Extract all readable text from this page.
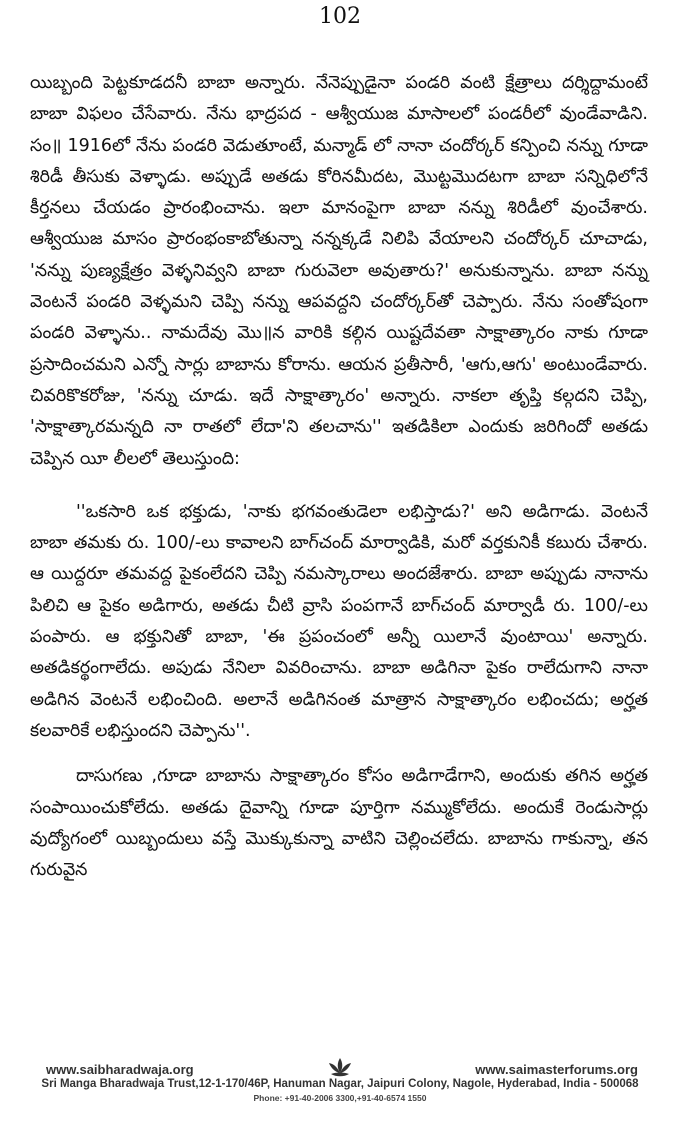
102

యిబ్బంది పెట్టకూడదనీ బాబా అన్నారు. నేనెప్పుడైనా పండరి వంటి క్షేత్రాలు దర్శిద్దామంటే బాబా విఫలం చేసేవారు. నేను భాద్రపద - ఆశ్వీయుజ మాసాలలో పండరీలో వుండేవాడిని. సం॥ 1916లో నేను పండరి వెడుతూంటే, మన్మాడ్ లో నానా చందోర్కర్ కన్పించి నన్ను గూడా శిరిడీ తీసుకు వెళ్ళాడు. అప్పుడే అతడు కోరినమీదట, మొట్టమొదటగా బాబా సన్నిధిలోనే కీర్తనలు చేయడం ప్రారంభించాను. ఇలా మానంపైగా బాబా నన్ను శిరిడీలో వుంచేశారు. ఆశ్వీయుజ మాసం ప్రారంభంకాబోతున్నా నన్నక్కడే నిలిపి వేయాలని చందోర్కర్ చూచాడు, 'నన్ను పుణ్యక్షేత్రం వెళ్ళనివ్వని బాబా గురువెలా అవుతారు?' అనుకున్నాను. బాబా నన్ను వెంటనే పండరి వెళ్ళమని చెప్పి నన్ను ఆపవద్దని చందోర్కర్‌తో చెప్పారు. నేను సంతోషంగా పండరి వెళ్ళాను.. నామదేవు మొ॥న వారికి కల్గిన యిష్టదేవతా సాక్షాత్కారం నాకు గూడా ప్రసాదించమని ఎన్నో సార్లు బాబాను కోరాను. ఆయన ప్రతీసారీ, 'ఆగు,ఆగు' అంటుండేవారు. చివరికొకరోజు, 'నన్ను చూడు. ఇదే సాక్షాత్కారం' అన్నారు. నాకలా తృప్తి కల్గదని చెప్పి, 'సాక్షాత్కారమన్నది నా రాతలో లేదా'ని తలచాను'' ఇతడికిలా ఎందుకు జరిగిందో అతడు చెప్పిన యీ లీలలో తెలుస్తుంది:

''ఒకసారి ఒక భక్తుడు, 'నాకు భగవంతుడెలా లభిస్తాడు?' అని అడిగాడు. వెంటనే బాబా తమకు రు. 100/-లు కావాలని బాగ్‌చంద్ మార్వాడికి, మరో వర్తకునికీ కబురు చేశారు. ఆ యిద్దరూ తమవద్ద పైకంలేదని చెప్పి నమస్కారాలు అందజేశారు. బాబా అప్పుడు నానాను పిలిచి ఆ పైకం అడిగారు, అతడు చీటి వ్రాసి పంపగానే బాగ్‌చంద్ మార్వాడీ రు. 100/-లు పంపారు. ఆ భక్తునితో బాబా, 'ఈ ప్రపంచంలో అన్నీ యిలానే వుంటాయి' అన్నారు. అతడికర్థంగాలేదు. అపుడు నేనిలా వివరించాను. బాబా అడిగినా పైకం రాలేదుగాని నానా అడిగిన వెంటనే లభించింది. అలానే అడిగినంత మాత్రాన సాక్షాత్కారం లభించదు; అర్హత కలవారికే లభిస్తుందని చెప్పాను''.

దాసుగణు ,గూడా బాబాను సాక్షాత్కారం కోసం అడిగాడేగాని, అందుకు తగిన అర్హత సంపాయించుకోలేదు. అతడు దైవాన్ని గూడా పూర్తిగా నమ్ముకోలేదు. అందుకే రెండుసార్లు వుద్యోగంలో యిబ్బందులు వస్తే మొక్కుకున్నా వాటిని చెల్లించలేదు. బాబాను గాకున్నా, తన గురువైన

www.saibharadwaja.org	www.saimasterforums.org
Sri Manga Bharadwaja Trust,12-1-170/46P, Hanuman Nagar, Jaipuri Colony, Nagole, Hyderabad, India - 500068
Phone: +91-40-2006 3300,+91-40-6574 1550
